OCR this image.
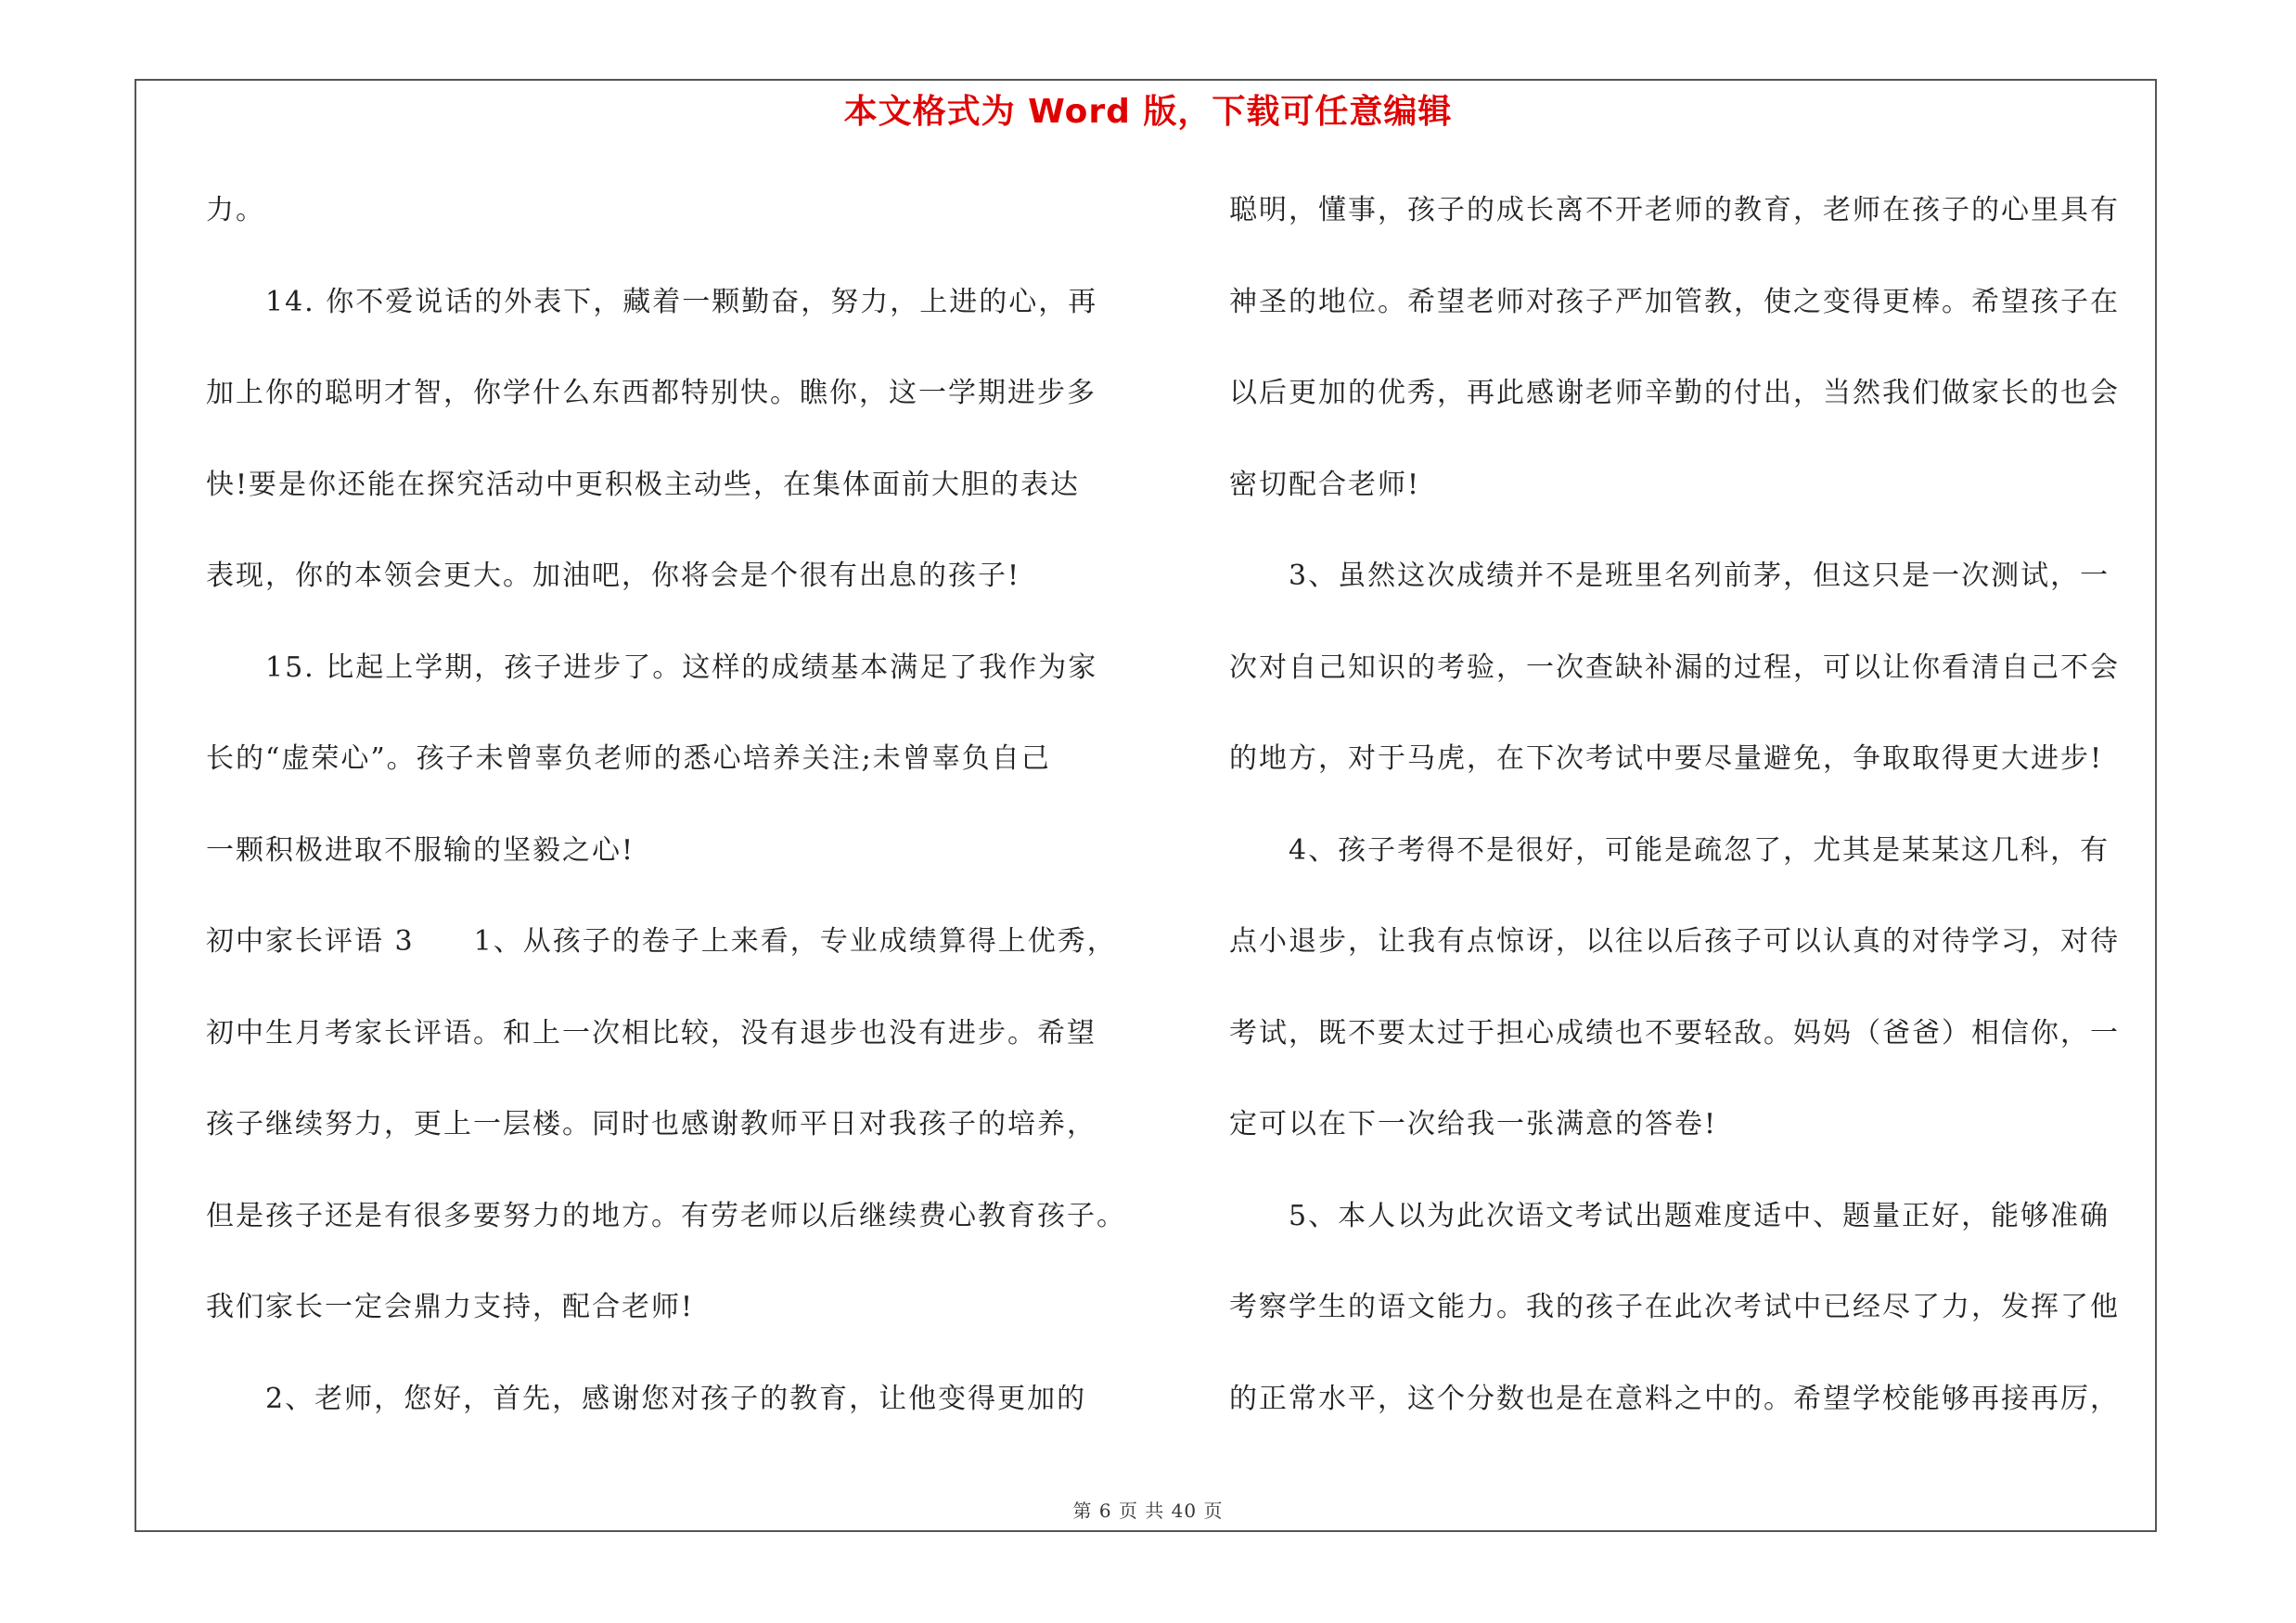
本文格式为 Word 版，下载可任意编辑
力。
　　14. 你不爱说话的外表下，藏着一颗勤奋，努力，上进的心，再
加上你的聪明才智，你学什么东西都特别快。瞧你，这一学期进步多
快!要是你还能在探究活动中更积极主动些，在集体面前大胆的表达
表现，你的本领会更大。加油吧，你将会是个很有出息的孩子!
　　15. 比起上学期，孩子进步了。这样的成绩基本满足了我作为家
长的“虚荣心”。孩子未曾辜负老师的悉心培养关注;未曾辜负自己
一颗积极进取不服输的坚毅之心!
初中家长评语 3　　1、从孩子的卷子上来看，专业成绩算得上优秀，
初中生月考家长评语。和上一次相比较，没有退步也没有进步。希望
孩子继续努力，更上一层楼。同时也感谢教师平日对我孩子的培养，
但是孩子还是有很多要努力的地方。有劳老师以后继续费心教育孩子。
我们家长一定会鼎力支持，配合老师!
　　2、老师，您好，首先，感谢您对孩子的教育，让他变得更加的
聪明，懂事，孩子的成长离不开老师的教育，老师在孩子的心里具有
神圣的地位。希望老师对孩子严加管教，使之变得更棒。希望孩子在
以后更加的优秀，再此感谢老师辛勤的付出，当然我们做家长的也会
密切配合老师!
　　3、虽然这次成绩并不是班里名列前茅，但这只是一次测试，一
次对自己知识的考验，一次查缺补漏的过程，可以让你看清自己不会
的地方，对于马虎，在下次考试中要尽量避免，争取取得更大进步!
　　4、孩子考得不是很好，可能是疏忽了，尤其是某某这几科，有
点小退步，让我有点惊讶，以往以后孩子可以认真的对待学习，对待
考试，既不要太过于担心成绩也不要轻敌。妈妈（爸爸）相信你，一
定可以在下一次给我一张满意的答卷!
　　5、本人以为此次语文考试出题难度适中、题量正好，能够准确
考察学生的语文能力。我的孩子在此次考试中已经尽了力，发挥了他
的正常水平，这个分数也是在意料之中的。希望学校能够再接再厉，
第 6 页 共 40 页
